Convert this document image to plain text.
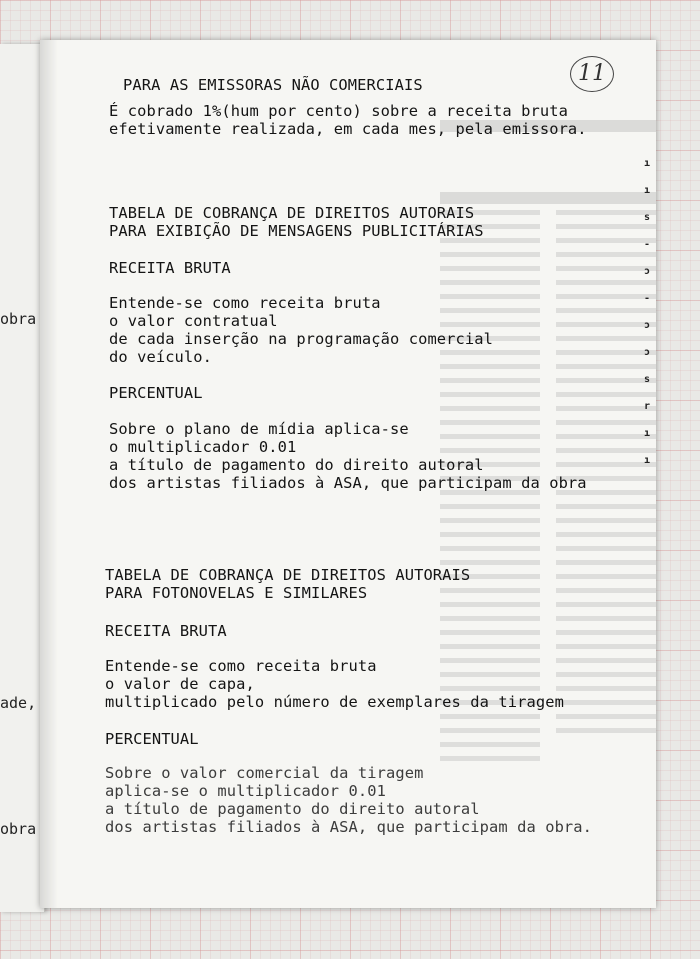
obra
ade,
obra
11
PARA AS EMISSORAS NÃO COMERCIAIS
É cobrado 1%(hum por cento) sobre a receita bruta
efetivamente realizada, em cada mes, pela emissora.
TABELA DE COBRANÇA DE DIREITOS AUTORAIS
PARA EXIBIÇÃO DE MENSAGENS PUBLICITÁRIAS
RECEITA BRUTA
Entende-se como receita bruta
o valor contratual
de cada inserção na programação comercial
do veículo.
PERCENTUAL
Sobre o plano de mídia aplica-se
o multiplicador 0.01
a título de pagamento do direito autoral
dos artistas filiados à ASA, que participam da obra
TABELA DE COBRANÇA DE DIREITOS AUTORAIS
PARA FOTONOVELAS E SIMILARES
RECEITA BRUTA
Entende-se como receita bruta
o valor de capa,
multiplicado pelo número de exemplares da tiragem
PERCENTUAL
Sobre o valor comercial da tiragem
aplica-se o multiplicador 0.01
a título de pagamento do direito autoral
dos artistas filiados à ASA, que participam da obra.
ı
ı
s
-
ɔ
-
ɔ
ɔ
s
r
ı
ı
